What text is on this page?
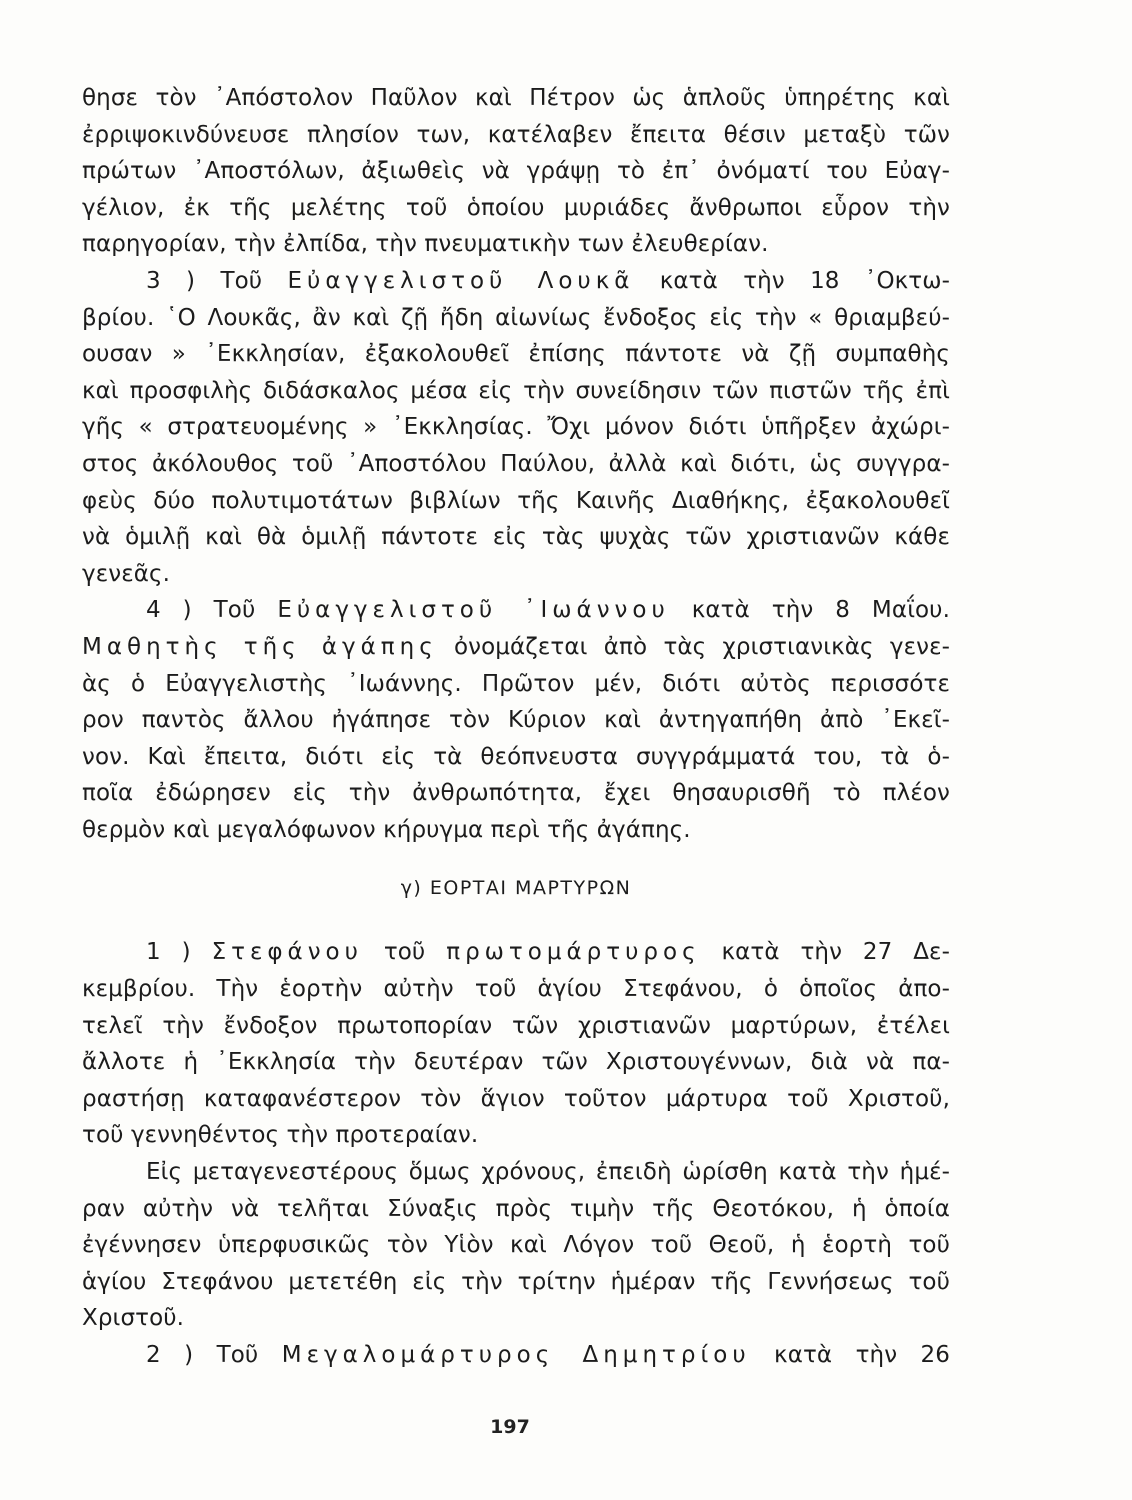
θησε τὸν ᾿Απόστολον Παῦλον καὶ Πέτρον ὡς ἁπλοῦς ὑπηρέτης καὶ
ἐρριψοκινδύνευσε πλησίον των, κατέλαβεν ἔπειτα θέσιν μεταξὺ τῶν
πρώτων ᾿Αποστόλων, ἀξιωθεὶς νὰ γράψῃ τὸ ἐπ᾿ ὀνόματί του Εὐαγ-
γέλιον, ἐκ τῆς μελέτης τοῦ ὁποίου μυριάδες ἄνθρωποι εὗρον τὴν
παρηγορίαν, τὴν ἐλπίδα, τὴν πνευματικὴν των ἐλευθερίαν.
3 ) Τοῦ Εὐαγγελιστοῦ Λουκᾶ κατὰ τὴν 18 ᾿Οκτω-
βρίου. ῾Ο Λουκᾶς, ἂν καὶ ζῇ ἤδη αἰωνίως ἔνδοξος εἰς τὴν « θριαμβεύ-
ουσαν » ᾿Εκκλησίαν, ἐξακολουθεῖ ἐπίσης πάντοτε νὰ ζῇ συμπαθὴς
καὶ προσφιλὴς διδάσκαλος μέσα εἰς τὴν συνείδησιν τῶν πιστῶν τῆς ἐπὶ
γῆς « στρατευομένης » ᾿Εκκλησίας. Ὄχι μόνον διότι ὑπῆρξεν ἀχώρι-
στος ἀκόλουθος τοῦ ᾿Αποστόλου Παύλου, ἀλλὰ καὶ διότι, ὡς συγγρα-
φεὺς δύο πολυτιμοτάτων βιβλίων τῆς Καινῆς Διαθήκης, ἐξακολουθεῖ
νὰ ὁμιλῇ καὶ θὰ ὁμιλῇ πάντοτε εἰς τὰς ψυχὰς τῶν χριστιανῶν κάθε
γενεᾶς.
4 ) Τοῦ Εὐαγγελιστοῦ ᾿Ιωάννου κατὰ τὴν 8 Μαΐου.
Μαθητὴς τῆς ἀγάπης ὀνομάζεται ἀπὸ τὰς χριστιανικὰς γενε-
ὰς ὁ Εὐαγγελιστὴς ᾿Ιωάννης. Πρῶτον μέν, διότι αὐτὸς περισσότε
ρον παντὸς ἄλλου ἠγάπησε τὸν Κύριον καὶ ἀντηγαπήθη ἀπὸ ᾿Εκεῖ-
νον. Καὶ ἔπειτα, διότι εἰς τὰ θεόπνευστα συγγράμματά του, τὰ ὁ-
ποῖα ἐδώρησεν εἰς τὴν ἀνθρωπότητα, ἔχει θησαυρισθῆ τὸ πλέον
θερμὸν καὶ μεγαλόφωνον κήρυγμα περὶ τῆς ἀγάπης.
γ) ΕΟΡΤΑΙ ΜΑΡΤΥΡΩΝ
1 ) Στεφάνου τοῦ πρωτομάρτυρος κατὰ τὴν 27 Δε-
κεμβρίου. Τὴν ἑορτὴν αὐτὴν τοῦ ἁγίου Στεφάνου, ὁ ὁποῖος ἀπο-
τελεῖ τὴν ἔνδοξον πρωτοπορίαν τῶν χριστιανῶν μαρτύρων, ἐτέλει
ἄλλοτε ἡ ᾿Εκκλησία τὴν δευτέραν τῶν Χριστουγέννων, διὰ νὰ πα-
ραστήσῃ καταφανέστερον τὸν ἅγιον τοῦτον μάρτυρα τοῦ Χριστοῦ,
τοῦ γεννηθέντος τὴν προτεραίαν.
Εἰς μεταγενεστέρους ὅμως χρόνους, ἐπειδὴ ὡρίσθη κατὰ τὴν ἡμέ-
ραν αὐτὴν νὰ τελῆται Σύναξις πρὸς τιμὴν τῆς Θεοτόκου, ἡ ὁποία
ἐγέννησεν ὑπερφυσικῶς τὸν Υἱὸν καὶ Λόγον τοῦ Θεοῦ, ἡ ἑορτὴ τοῦ
ἁγίου Στεφάνου μετετέθη εἰς τὴν τρίτην ἡμέραν τῆς Γεννήσεως τοῦ
Χριστοῦ.
2 ) Τοῦ Μεγαλομάρτυρος Δημητρίου κατὰ τὴν 26
197
